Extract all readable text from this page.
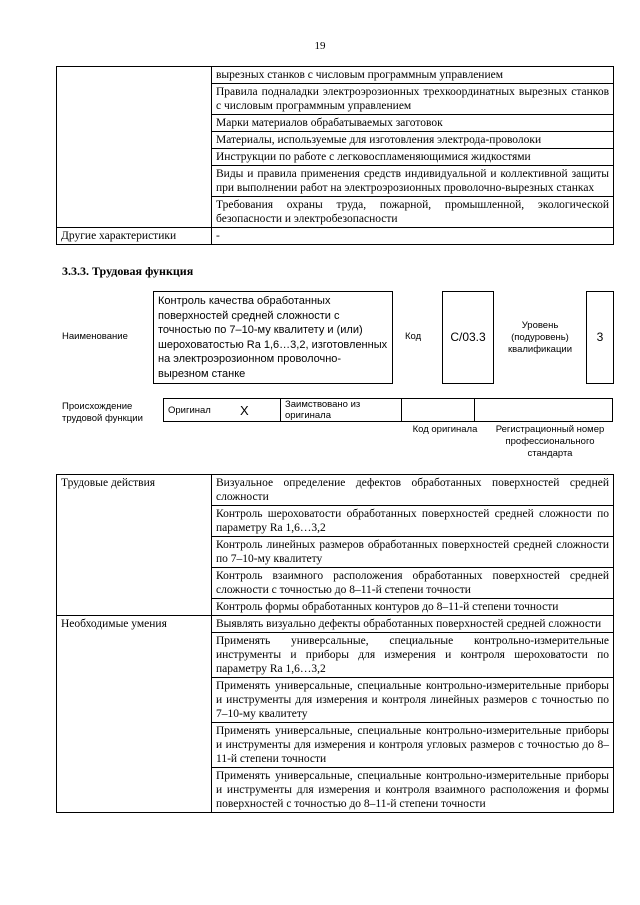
19
	вырезных станков с числовым программным управлением
	Правила подналадки электроэрозионных трехкоординатных вырезных станков с числовым программным управлением
	Марки материалов обрабатываемых заготовок
	Материалы, используемые для изготовления электрода-проволоки
	Инструкции по работе с легковоспламеняющимися жидкостями
	Виды и правила применения средств индивидуальной и коллективной защиты при выполнении работ на электроэрозионных проволочно-вырезных станках
	Требования охраны труда, пожарной, промышленной, экологической безопасности и электробезопасности
Другие характеристики	-
3.3.3. Трудовая функция
Наименование
Контроль качества обработанных поверхностей средней сложности с точностью по 7–10-му квалитету и (или) шероховатостью Ra 1,6…3,2, изготовленных на электроэрозионном проволочно-вырезном станке
Код	C/03.3
Уровень (подуровень) квалификации
3
Происхождение трудовой функции
Оригинал	X	Заимствовано из оригинала		
Код оригинала	Регистрационный номер профессионального стандарта
Трудовые действия	Визуальное определение дефектов обработанных поверхностей средней сложности
	Контроль шероховатости обработанных поверхностей средней сложности по параметру Ra 1,6…3,2
	Контроль линейных размеров обработанных поверхностей средней сложности по 7–10-му квалитету
	Контроль взаимного расположения обработанных поверхностей средней сложности с точностью до 8–11-й степени точности
	Контроль формы обработанных контуров до 8–11-й степени точности
Необходимые умения	Выявлять визуально дефекты обработанных поверхностей средней сложности
	Применять универсальные, специальные контрольно-измерительные инструменты и приборы для измерения и контроля шероховатости по параметру Ra 1,6…3,2
	Применять универсальные, специальные контрольно-измерительные приборы и инструменты для измерения и контроля линейных размеров с точностью по 7–10-му квалитету
	Применять универсальные, специальные контрольно-измерительные приборы и инструменты для измерения и контроля угловых размеров с точностью до 8–11-й степени точности
	Применять универсальные, специальные контрольно-измерительные приборы и инструменты для измерения и контроля взаимного расположения и формы поверхностей с точностью до 8–11-й степени точности
